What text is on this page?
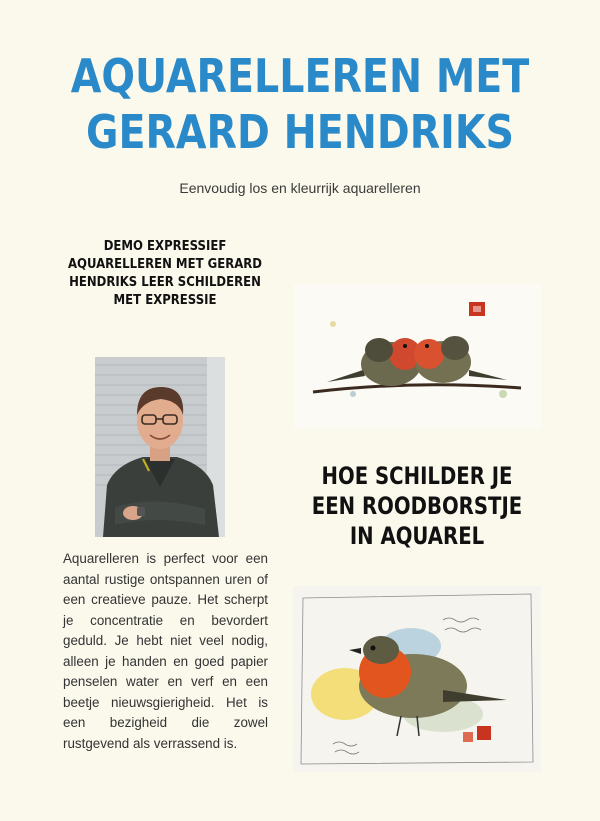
AQUARELLEREN MET
GERARD HENDRIKS
Eenvoudig los en kleurrijk aquarelleren
DEMO EXPRESSIEF AQUARELLEREN MET GERARD HENDRIKS LEER SCHILDEREN MET EXPRESSIE

Aquarelleren is perfect voor een aantal rustige ontspannen uren of een creatieve pauze. Het scherpt je concentratie en bevordert geduld. Je hebt niet veel nodig, alleen je handen en goed papier penselen water en verf en een beetje nieuwsgierigheid. Het is een bezigheid die zowel rustgevend als verrassend is.

HOE SCHILDER JE EEN ROODBORSTJE IN AQUAREL
